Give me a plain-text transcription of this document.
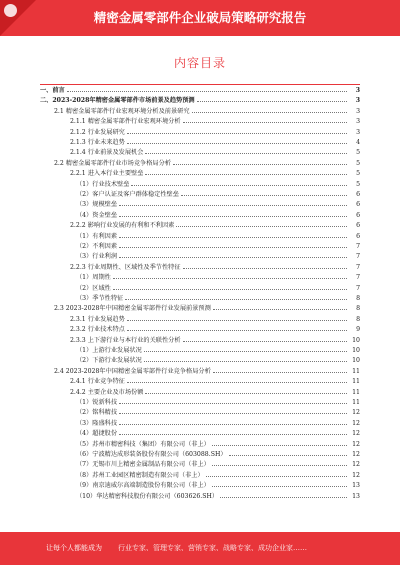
精密金属零部件企业破局策略研究报告
内容目录
一、前言	3
二、2023-2028年精密金属零部件市场前景及趋势预测	3
2.1 精密金属零部件行业宏观环境分析及前景研究	3
2.1.1 精密金属零部件行业宏观环境分析	3
2.1.2 行业发展研究	3
2.1.3 行业未来趋势	4
2.1.4 行业前景及发展机会	5
2.2 精密金属零部件行业市场竞争格局分析	5
2.2.1 进入本行业主要壁垒	5
（1）行业技术壁垒	5
（2）客户认证及客户群体稳定性壁垒	6
（3）规模壁垒	6
（4）资金壁垒	6
2.2.2 影响行业发展的有利和不利因素	6
（1）有利因素	6
（2）不利因素	7
（3）行业利润	7
2.2.3 行业周期性、区域性及季节性特征	7
（1）周期性	7
（2）区域性	7
（3）季节性特征	8
2.3 2023-2028年中国精密金属零部件行业发展前景预测	8
2.3.1 行业发展趋势	8
2.3.2 行业技术特点	9
2.3.3 上下游行业与本行业的关联性分析	10
（1）上游行业发展状况	10
（2）下游行业发展状况	10
2.4 2023-2028年中国精密金属零部件行业竞争格局分析	11
2.4.1 行业竞争特征	11
2.4.2 主要企业及市场份额	11
（1）锐新科技	11
（2）铭科精技	12
（3）隆盛科技	12
（4）超捷股份	12
（5）苏州市精密科技（集团）有限公司（非上）	12
（6）宁波精达成形装备股份有限公司（603088.SH）	12
（7）无锡市川上精密金属制品有限公司（非上）	12
（8）苏州工业园区精密制造有限公司（非上）	12
（9）南京迪威尔高端制造股份有限公司（非上）	13
（10）华达精密科技股份有限公司（603626.SH）	13
让每个人都能成为 行业专家、管理专家、营销专家、战略专家、成功企业家……
